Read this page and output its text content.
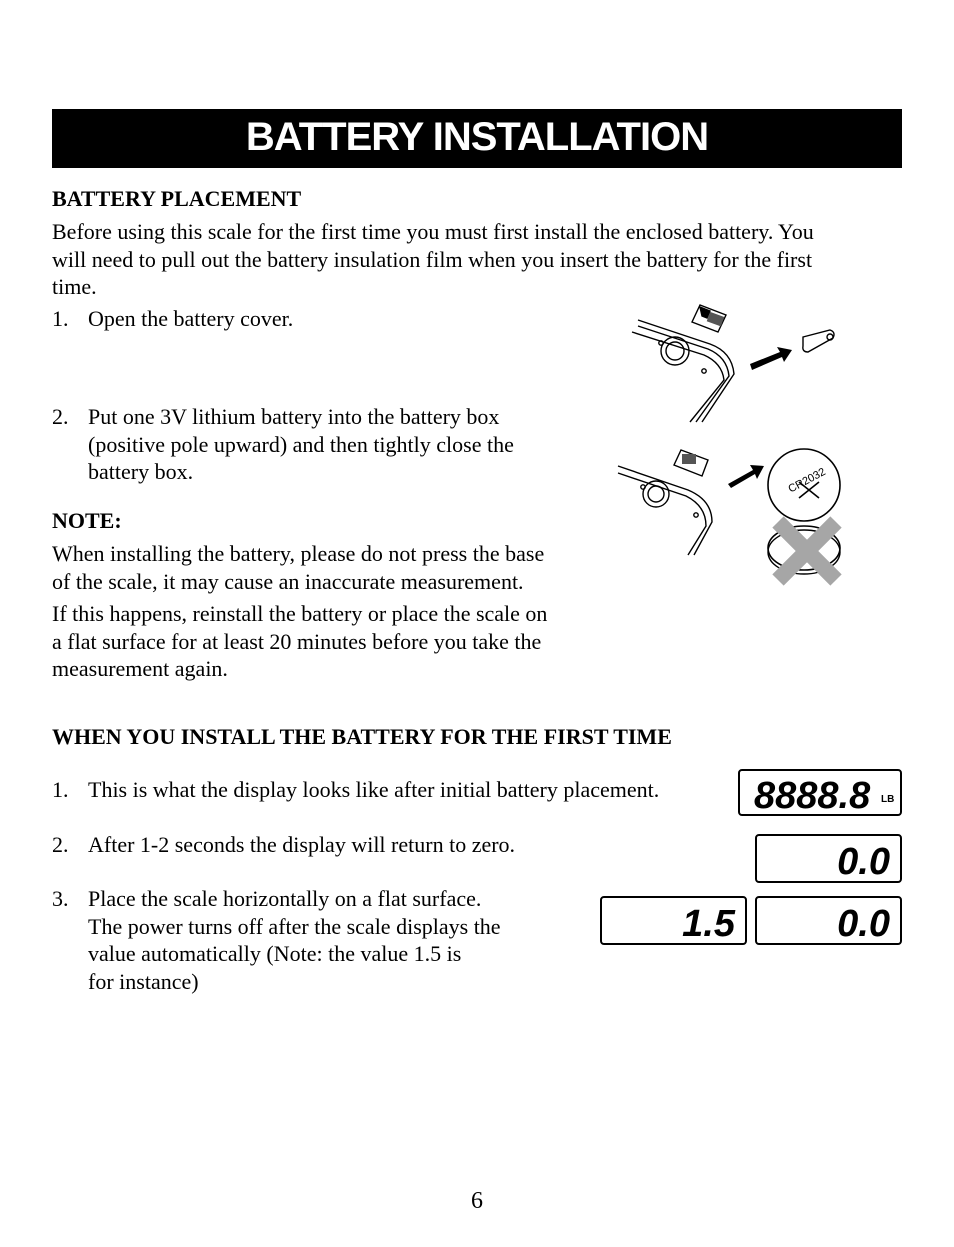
BATTERY INSTALLATION
BATTERY PLACEMENT
Before using this scale for the first time you must first install the enclosed battery. You
will need to pull out the battery insulation film when you insert the battery for the first
time.
1. Open the battery cover.
2. Put one 3V lithium battery into the battery box
(positive pole upward) and then tightly close the
battery box.
NOTE:
When installing the battery, please do not press the base
of the scale, it may cause an inaccurate measurement.
If this happens, reinstall the battery or place the scale on
a flat surface for at least 20 minutes before you take the
measurement again.
WHEN YOU INSTALL THE BATTERY FOR THE FIRST TIME
1. This is what the display looks like after initial battery placement.
2. After 1-2 seconds the display will return to zero.
3. Place the scale horizontally on a flat surface.
The power turns off after the scale displays the
value automatically (Note: the value 1.5 is
for instance)
CR2032
8888.8 LB
0.0
1.5	0.0
6
